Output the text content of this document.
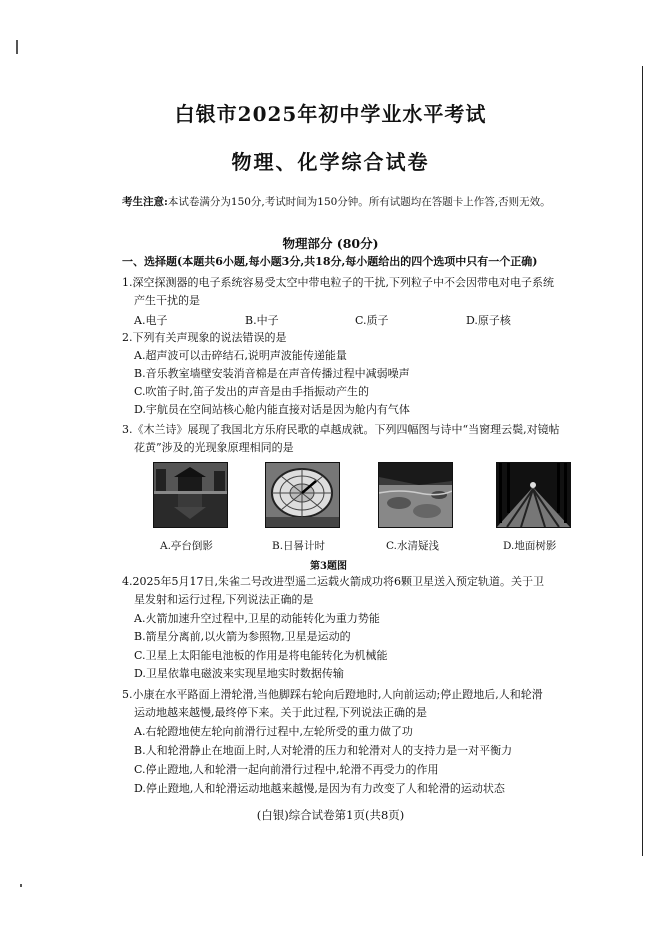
白银市2025年初中学业水平考试
物理、化学综合试卷
考生注意:本试卷满分为150分,考试时间为150分钟。所有试题均在答题卡上作答,否则无效。
物理部分 (80分)
一、选择题(本题共6小题,每小题3分,共18分,每小题给出的四个选项中只有一个正确)
1.深空探测器的电子系统容易受太空中带电粒子的干扰,下列粒子中不会因带电对电子系统
产生干扰的是
A.电子	B.中子	C.质子	D.原子核
2.下列有关声现象的说法错误的是
A.超声波可以击碎结石,说明声波能传递能量
B.音乐教室墙壁安装消音棉是在声音传播过程中减弱噪声
C.吹笛子时,笛子发出的声音是由手指振动产生的
D.宇航员在空间站核心舱内能直接对话是因为舱内有气体
3.《木兰诗》展现了我国北方乐府民歌的卓越成就。下列四幅图与诗中“当窗理云鬓,对镜帖
花黄”涉及的光现象原理相同的是
A.亭台倒影	B.日晷计时	C.水清疑浅	D.地面树影
第3题图
4.2025年5月17日,朱雀二号改进型遥二运载火箭成功将6颗卫星送入预定轨道。关于卫
星发射和运行过程,下列说法正确的是
A.火箭加速升空过程中,卫星的动能转化为重力势能
B.箭星分离前,以火箭为参照物,卫星是运动的
C.卫星上太阳能电池板的作用是将电能转化为机械能
D.卫星依靠电磁波来实现星地实时数据传输
5.小康在水平路面上滑轮滑,当他脚踩右轮向后蹬地时,人向前运动;停止蹬地后,人和轮滑
运动地越来越慢,最终停下来。关于此过程,下列说法正确的是
A.右轮蹬地使左轮向前滑行过程中,左轮所受的重力做了功
B.人和轮滑静止在地面上时,人对轮滑的压力和轮滑对人的支持力是一对平衡力
C.停止蹬地,人和轮滑一起向前滑行过程中,轮滑不再受力的作用
D.停止蹬地,人和轮滑运动地越来越慢,是因为有力改变了人和轮滑的运动状态
(白银)综合试卷第1页(共8页)
